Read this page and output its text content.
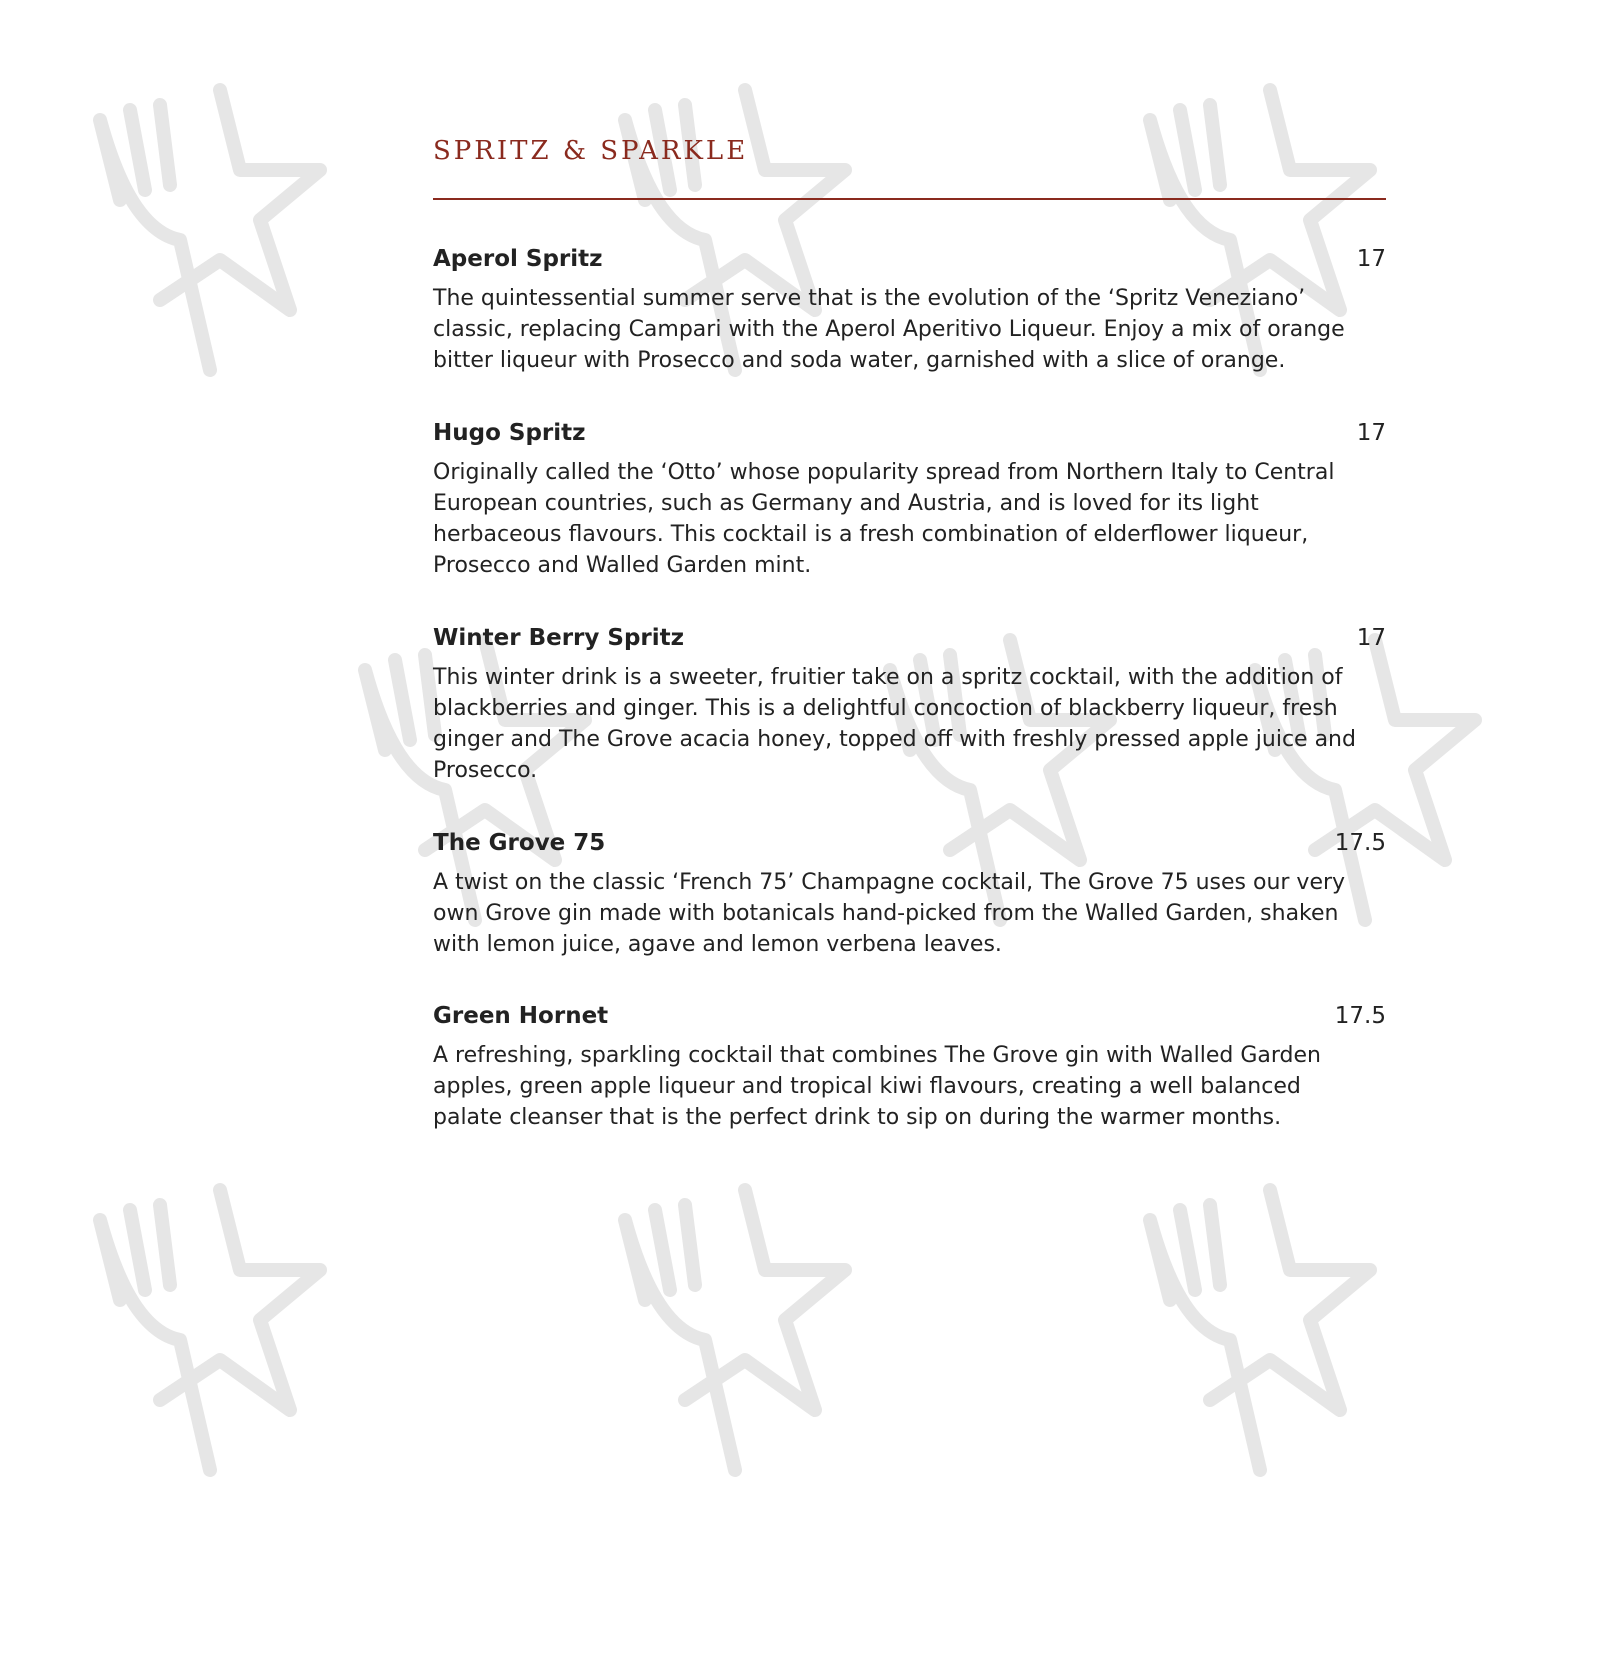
SPRITZ & SPARKLE
Aperol Spritz	17

The quintessential summer serve that is the evolution of the ‘Spritz Veneziano’ classic, replacing Campari with the Aperol Aperitivo Liqueur. Enjoy a mix of orange bitter liqueur with Prosecco and soda water, garnished with a slice of orange.

Hugo Spritz	17

Originally called the ‘Otto’ whose popularity spread from Northern Italy to Central European countries, such as Germany and Austria, and is loved for its light herbaceous flavours. This cocktail is a fresh combination of elderflower liqueur, Prosecco and Walled Garden mint.

Winter Berry Spritz	17

This winter drink is a sweeter, fruitier take on a spritz cocktail, with the addition of blackberries and ginger. This is a delightful concoction of blackberry liqueur, fresh ginger and The Grove acacia honey, topped off with freshly pressed apple juice and Prosecco.

The Grove 75	17.5

A twist on the classic ‘French 75’ Champagne cocktail, The Grove 75 uses our very own Grove gin made with botanicals hand-picked from the Walled Garden, shaken with lemon juice, agave and lemon verbena leaves.

Green Hornet	17.5

A refreshing, sparkling cocktail that combines The Grove gin with Walled Garden apples, green apple liqueur and tropical kiwi flavours, creating a well balanced palate cleanser that is the perfect drink to sip on during the warmer months.
